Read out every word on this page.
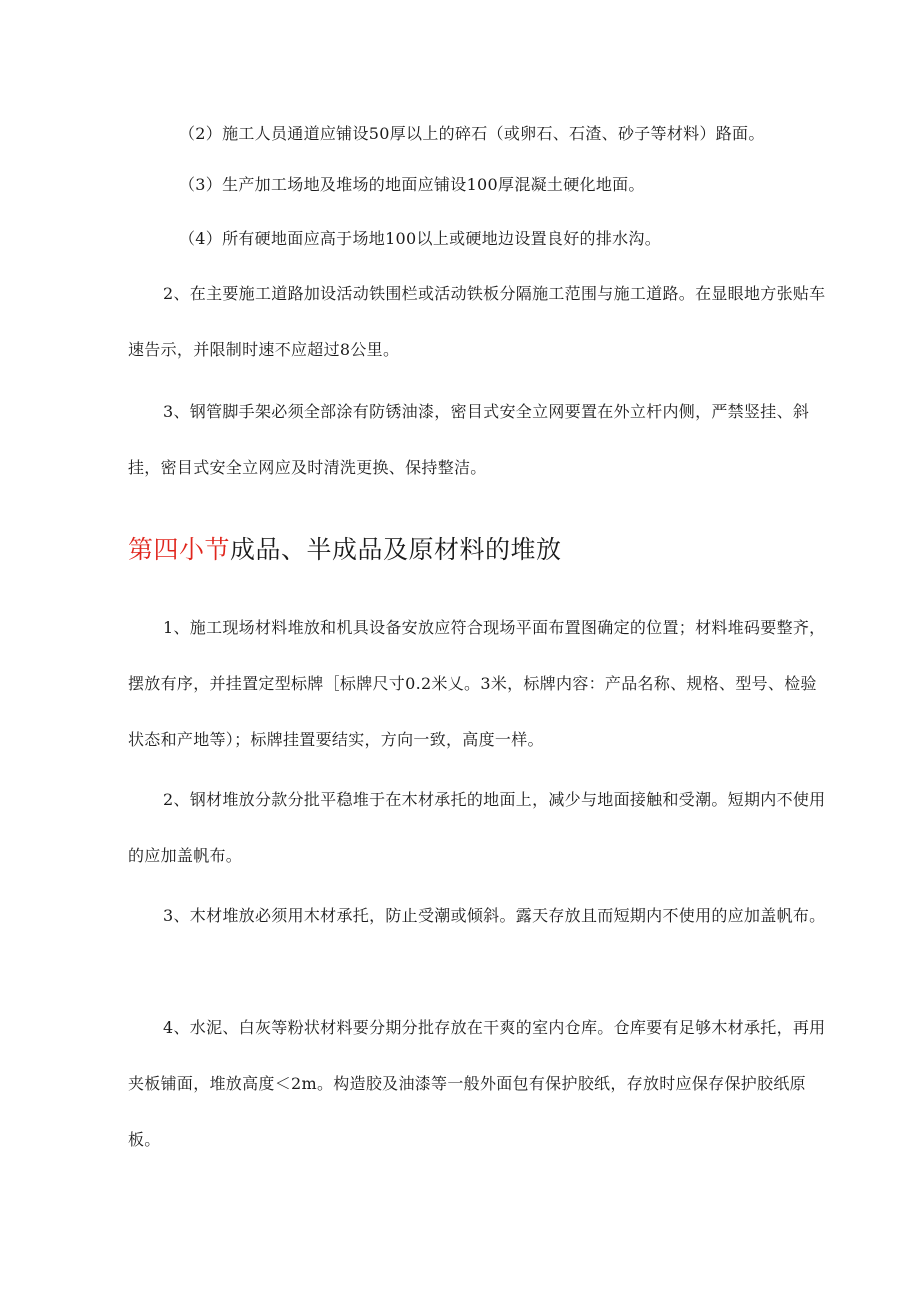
（2）施工人员通道应铺设50厚以上的碎石（或卵石、石渣、砂子等材料）路面。

（3）生产加工场地及堆场的地面应铺设100厚混凝土硬化地面。

（4）所有硬地面应高于场地100以上或硬地边设置良好的排水沟。

2、在主要施工道路加设活动铁围栏或活动铁板分隔施工范围与施工道路。在显眼地方张贴车速告示，并限制时速不应超过8公里。

3、钢管脚手架必须全部涂有防锈油漆，密目式安全立网要置在外立杆内侧，严禁竖挂、斜挂，密目式安全立网应及时清洗更换、保持整洁。

第四小节成品、半成品及原材料的堆放

1、施工现场材料堆放和机具设备安放应符合现场平面布置图确定的位置；材料堆码要整齐，摆放有序，并挂置定型标牌［标牌尺寸0.2米乂。3米，标牌内容：产品名称、规格、型号、检验状态和产地等）；标牌挂置要结实，方向一致，高度一样。

2、钢材堆放分款分批平稳堆于在木材承托的地面上，减少与地面接触和受潮。短期内不使用的应加盖帆布。

3、木材堆放必须用木材承托，防止受潮或倾斜。露天存放且而短期内不使用的应加盖帆布。

4、水泥、白灰等粉状材料要分期分批存放在干爽的室内仓库。仓库要有足够木材承托，再用夹板铺面，堆放高度＜2m。构造胶及油漆等一般外面包有保护胶纸，存放时应保存保护胶纸原板。
